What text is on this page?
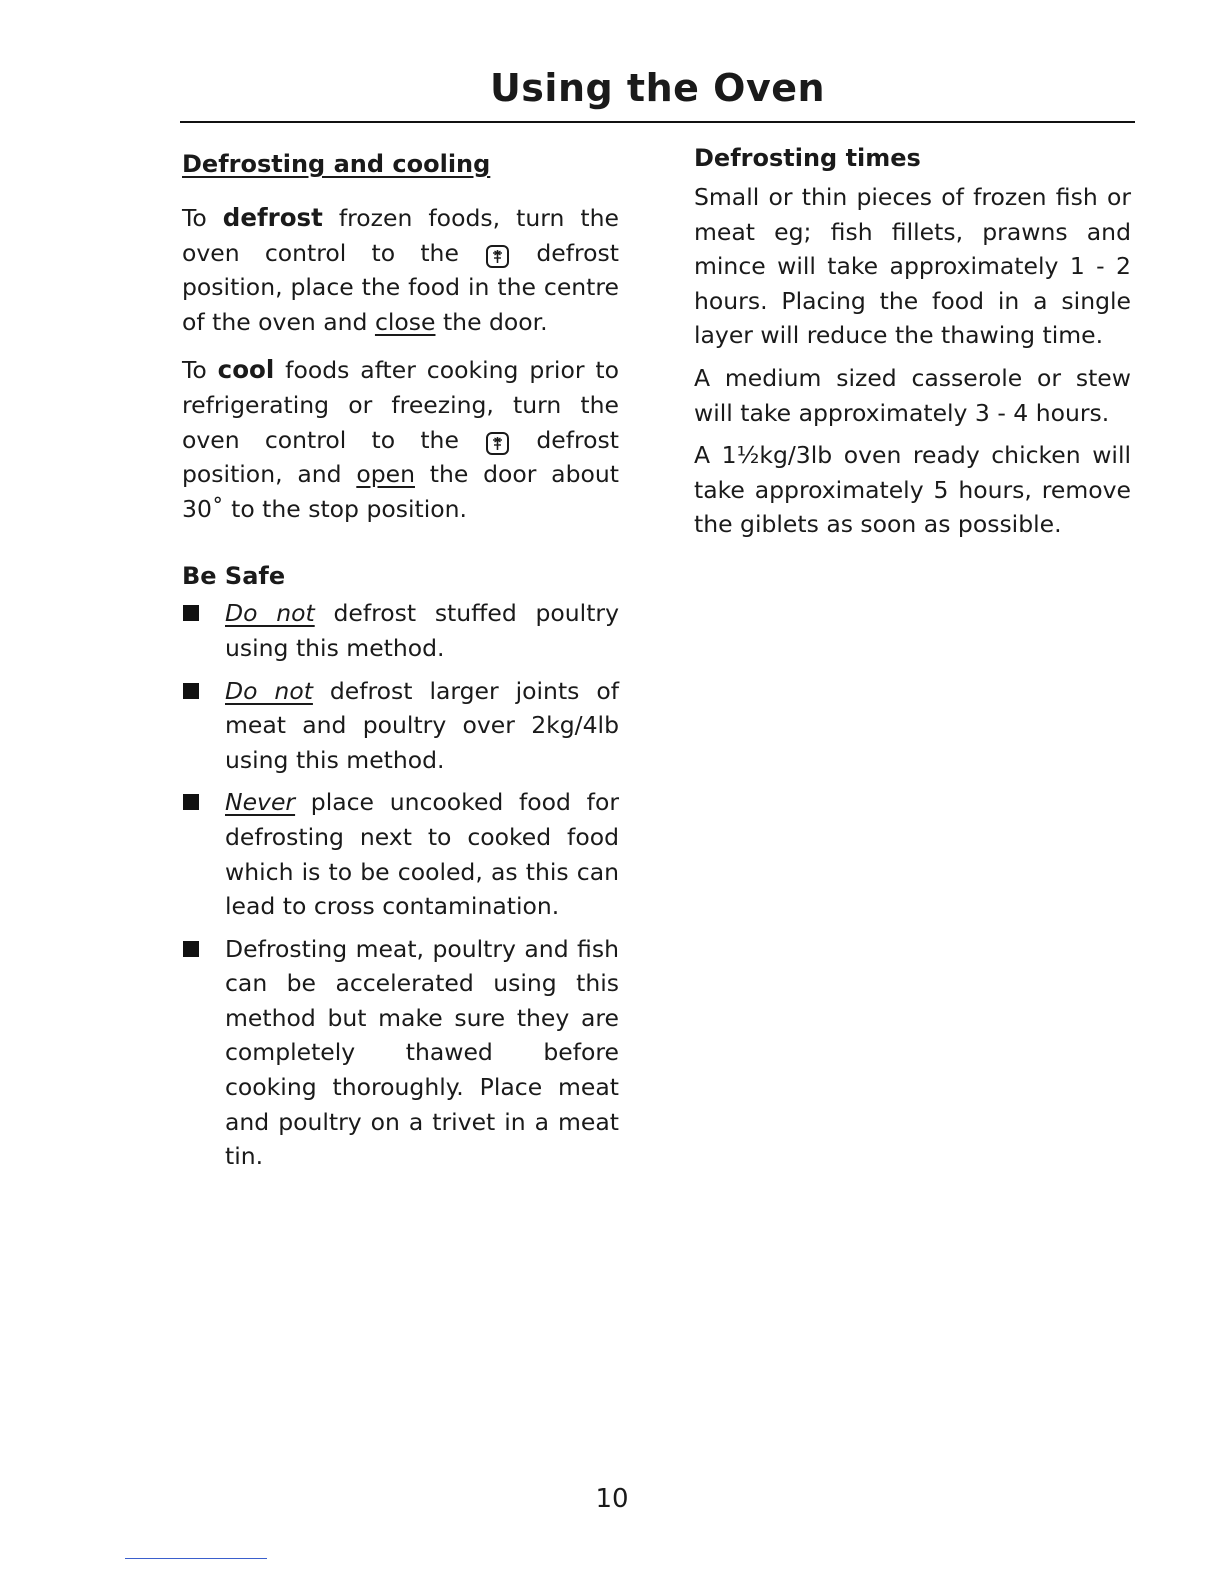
Using the Oven
Defrosting and cooling

To defrost frozen foods, turn the oven control to the
defrost position, place the food in the centre of the oven and close the door.

To cool foods after cooking prior to refrigerating or freezing, turn the oven control to the
defrost position, and open the door about 30˚ to the stop position.

Be Safe

Do not defrost stuffed poultry using this method.

Do not defrost larger joints of meat and poultry over 2kg/4lb using this method.

Never place uncooked food for defrosting next to cooked food which is to be cooled, as this can lead to cross contamination.

Defrosting meat, poultry and fish can be accelerated using this method but make sure they are completely thawed before cooking thoroughly. Place meat and poultry on a trivet in a meat tin.

Defrosting times

Small or thin pieces of frozen fish or meat eg; fish fillets, prawns and mince will take approximately 1 - 2 hours. Placing the food in a single layer will reduce the thawing time.

A medium sized casserole or stew will take approximately 3 - 4 hours.

A 1½kg/3lb oven ready chicken will take approximately 5 hours, remove the giblets as soon as possible.

10
